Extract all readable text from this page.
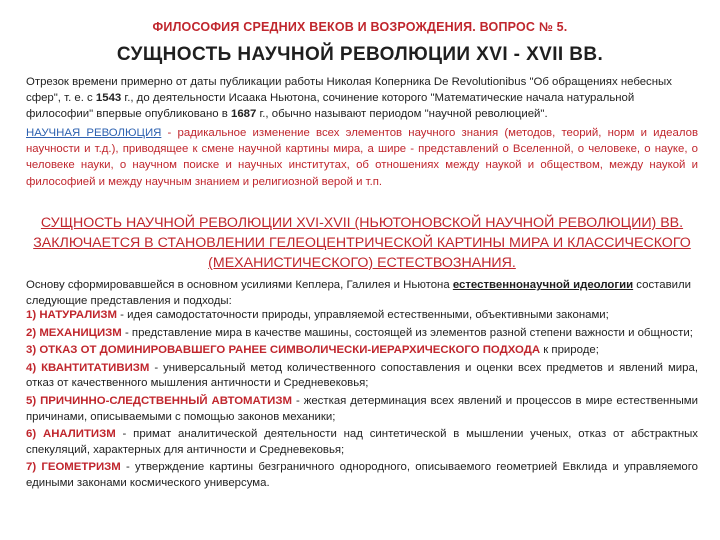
ФИЛОСОФИЯ СРЕДНИХ ВЕКОВ И ВОЗРОЖДЕНИЯ. ВОПРОС № 5.
СУЩНОСТЬ НАУЧНОЙ РЕВОЛЮЦИИ XVI - XVII ВВ.
Отрезок времени примерно от даты публикации работы Николая Коперника De Revolutionibus "Об обращениях небесных сфер", т. е. с 1543 г., до деятельности Исаака Ньютона, сочинение которого "Математические начала натуральной философии" впервые опубликовано в 1687 г., обычно называют периодом "научной революцией".
НАУЧНАЯ РЕВОЛЮЦИЯ - радикальное изменение всех элементов научного знания (методов, теорий, норм и идеалов научности и т.д.), приводящее к смене научной картины мира, а шире - представлений о Вселенной, о человеке, о науке, о человеке науки, о научном поиске и научных институтах, об отношениях между наукой и обществом, между наукой и философией и между научным знанием и религиозной верой и т.п.
СУЩНОСТЬ НАУЧНОЙ РЕВОЛЮЦИИ XVI-XVII (НЬЮТОНОВСКОЙ НАУЧНОЙ РЕВОЛЮЦИИ) ВВ. ЗАКЛЮЧАЕТСЯ В СТАНОВЛЕНИИ ГЕЛЕОЦЕНТРИЧЕСКОЙ КАРТИНЫ МИРА И КЛАССИЧЕСКОГО (МЕХАНИСТИЧЕСКОГО) ЕСТЕСТВОЗНАНИЯ.
Основу сформировавшейся в основном усилиями Кеплера, Галилея и Ньютона естественнонаучной идеологии составили следующие представления и подходы:
1) НАТУРАЛИЗМ - идея самодостаточности природы, управляемой естественными, объективными законами;
2) МЕХАНИЦИЗМ - представление мира в качестве машины, состоящей из элементов разной степени важности и общности;
3) ОТКАЗ ОТ ДОМИНИРОВАВШЕГО РАНЕЕ СИМВОЛИЧЕСКИ-ИЕРАРХИЧЕСКОГО ПОДХОДА к природе;
4) КВАНТИТАТИВИЗМ - универсальный метод количественного сопоставления и оценки всех предметов и явлений мира, отказ от качественного мышления античности и Средневековья;
5) ПРИЧИННО-СЛЕДСТВЕННЫЙ АВТОМАТИЗМ - жесткая детерминация всех явлений и процессов в мире естественными причинами, описываемыми с помощью законов механики;
6) АНАЛИТИЗМ - примат аналитической деятельности над синтетической в мышлении ученых, отказ от абстрактных спекуляций, характерных для античности и Средневековья;
7) ГЕОМЕТРИЗМ - утверждение картины безграничного однородного, описываемого геометрией Евклида и управляемого едиными законами космического универсума.
